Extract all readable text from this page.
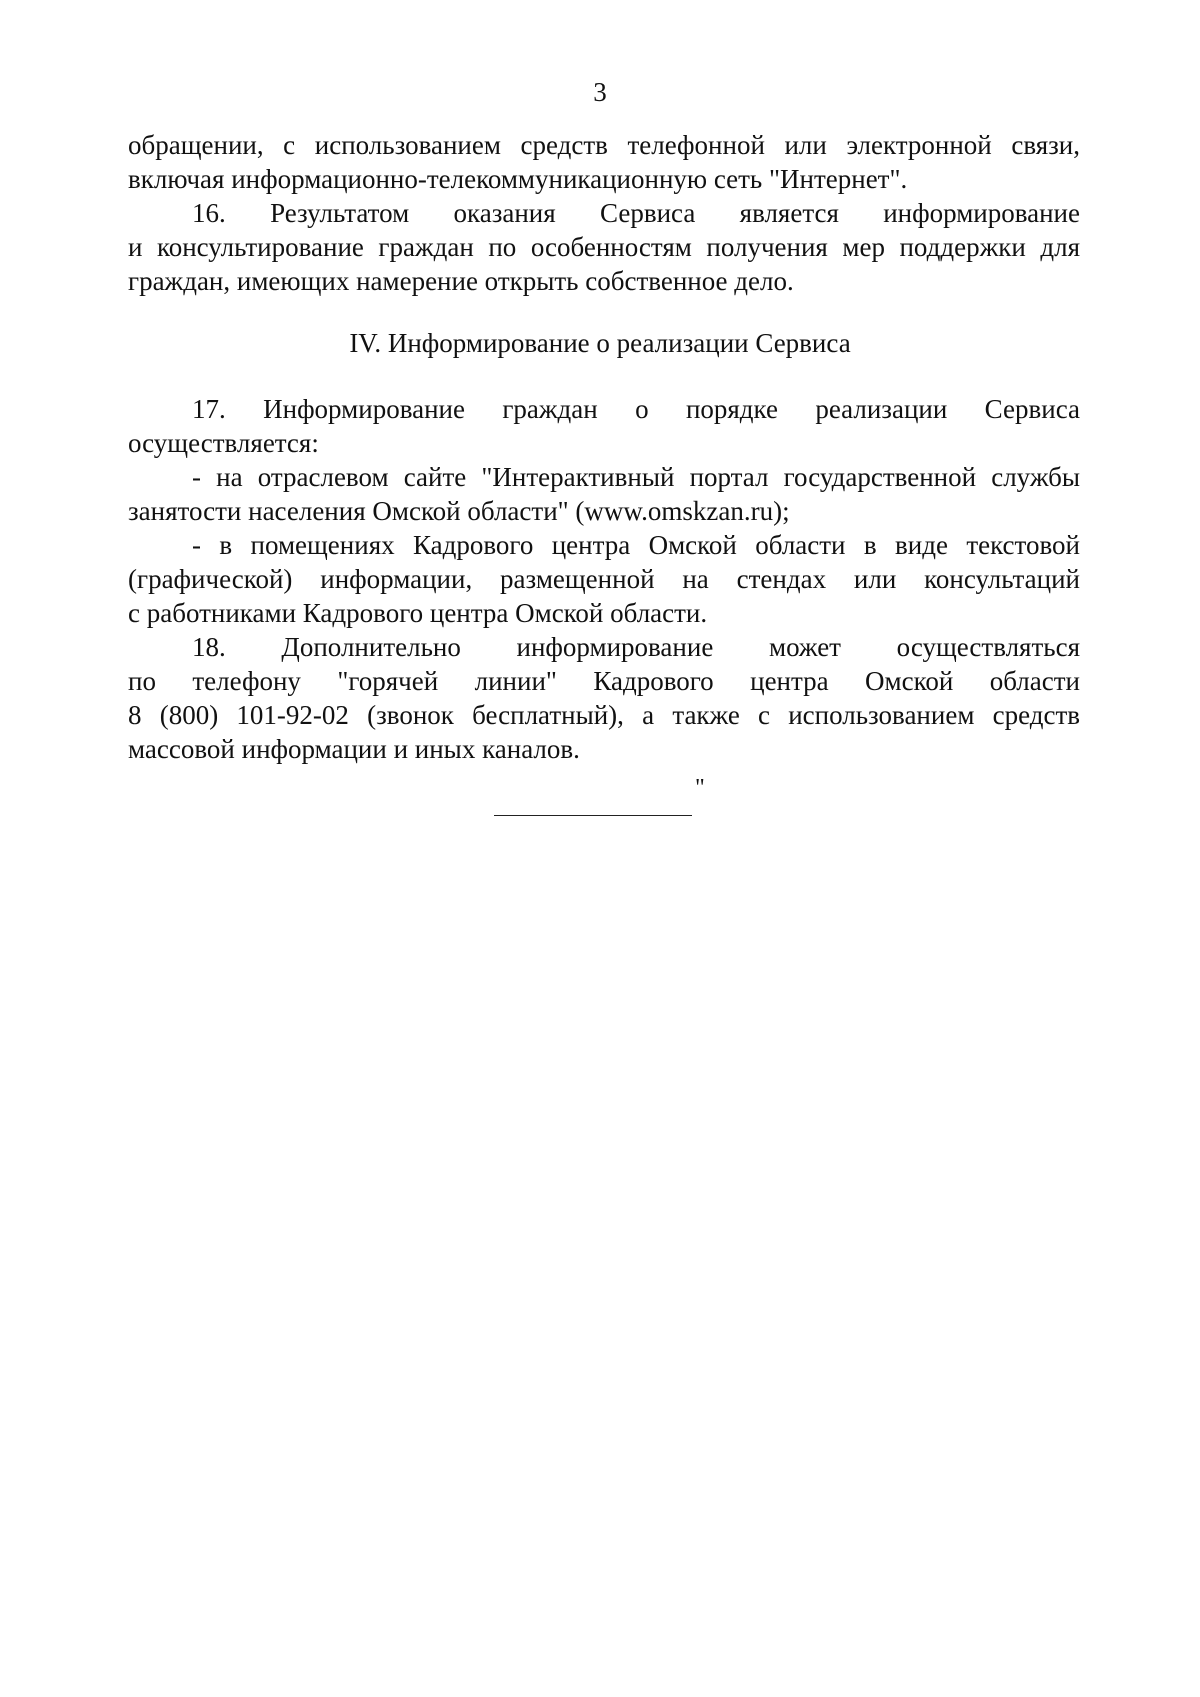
3

обращении, с использованием средств телефонной или электронной связи,
включая информационно-телекоммуникационную сеть "Интернет".

16. Результатом оказания Сервиса является информирование
и консультирование граждан по особенностям получения мер поддержки для
граждан, имеющих намерение открыть собственное дело.

IV. Информирование о реализации Сервиса

17. Информирование граждан о порядке реализации Сервиса
осуществляется:

- на отраслевом сайте "Интерактивный портал государственной службы
занятости населения Омской области" (www.omskzan.ru);

- в помещениях Кадрового центра Омской области в виде текстовой
(графической) информации, размещенной на стендах или консультаций
с работниками Кадрового центра Омской области.

18. Дополнительно информирование может осуществляться
по телефону "горячей линии" Кадрового центра Омской области
8 (800) 101-92-02 (звонок бесплатный), а также с использованием средств
массовой информации и иных каналов.

"
